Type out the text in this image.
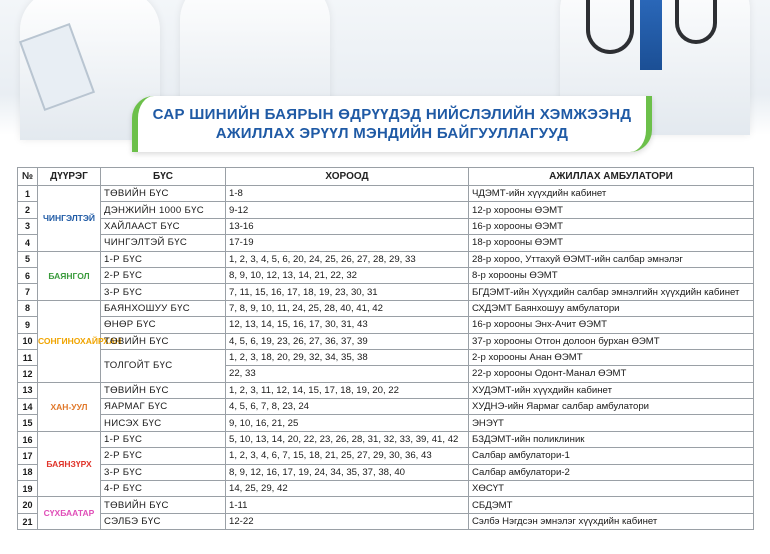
САР ШИНИЙН БАЯРЫН ӨДРҮҮДЭД НИЙСЛЭЛИЙН ХЭМЖЭЭНД
АЖИЛЛАХ ЭРҮҮЛ МЭНДИЙН БАЙГУУЛЛАГУУД
№	ДҮҮРЭГ	БҮС	ХОРООД	АЖИЛЛАХ АМБУЛАТОРИ
1	ЧИНГЭЛТЭЙ	ТӨВИЙН БҮС	1-8	ЧДЭМТ-ийн хүүхдийн кабинет
2		ДЭНЖИЙН 1000 БҮС	9-12	12-р хорооны ӨЭМТ
3		ХАЙЛААСТ БҮС	13-16	16-р хорооны ӨЭМТ
4		ЧИНГЭЛТЭЙ БҮС	17-19	18-р хорооны ӨЭМТ
5	БАЯНГОЛ	1-Р БҮС	1, 2, 3, 4, 5, 6, 20, 24, 25, 26, 27, 28, 29, 33	28-р хороо, Уттахуй ӨЭМТ-ийн салбар эмнэлэг
6		2-Р БҮС	8, 9, 10, 12, 13, 14, 21, 22, 32	8-р хорооны ӨЭМТ
7		3-Р БҮС	7, 11, 15, 16, 17, 18, 19, 23, 30, 31	БГДЭМТ-ийн Хүүхдийн салбар эмнэлгийн хүүхдийн кабинет
8	СОНГИНОХАЙРХАН	БАЯНХОШУУ БҮС	7, 8, 9, 10, 11, 24, 25, 28, 40, 41, 42	СХДЭМТ Баянхошуу амбулатори
9		ӨНӨР БҮС	12, 13, 14, 15, 16, 17, 30, 31, 43	16-р хорооны Энх-Ачит ӨЭМТ
10		ТӨВИЙН БҮС	4, 5, 6, 19, 23, 26, 27, 36, 37, 39	37-р хорооны Отгон долоон бурхан ӨЭМТ
11		ТОЛГОЙТ БҮС	1, 2, 3, 18, 20, 29, 32, 34, 35, 38	2-р хорооны Анан ӨЭМТ
12			22, 33	22-р хорооны Одонт-Манал ӨЭМТ
13	ХАН-УУЛ	ТӨВИЙН БҮС	1, 2, 3, 11, 12, 14, 15, 17, 18, 19, 20, 22	ХУДЭМТ-ийн хүүхдийн кабинет
14		ЯАРМАГ БҮС	4, 5, 6, 7, 8, 23, 24	ХУДНЭ-ийн Яармаг салбар амбулатори
15		НИСЭХ БҮС	9, 10, 16, 21, 25	ЭНЭҮТ
16	БАЯНЗҮРХ	1-Р БҮС	5, 10, 13, 14, 20, 22, 23, 26, 28, 31, 32, 33, 39, 41, 42	БЗДЭМТ-ийн поликлиник
17		2-Р БҮС	1, 2, 3, 4, 6, 7, 15, 18, 21, 25, 27, 29, 30, 36, 43	Салбар амбулатори-1
18		3-Р БҮС	8, 9, 12, 16, 17, 19, 24, 34, 35, 37, 38, 40	Салбар амбулатори-2
19		4-Р БҮС	14, 25, 29, 42	ХӨСҮТ
20	СҮХБААТАР	ТӨВИЙН БҮС	1-11	СБДЭМТ
21		СЭЛБЭ БҮС	12-22	Сэлбэ Нэгдсэн эмнэлэг хүүхдийн кабинет
